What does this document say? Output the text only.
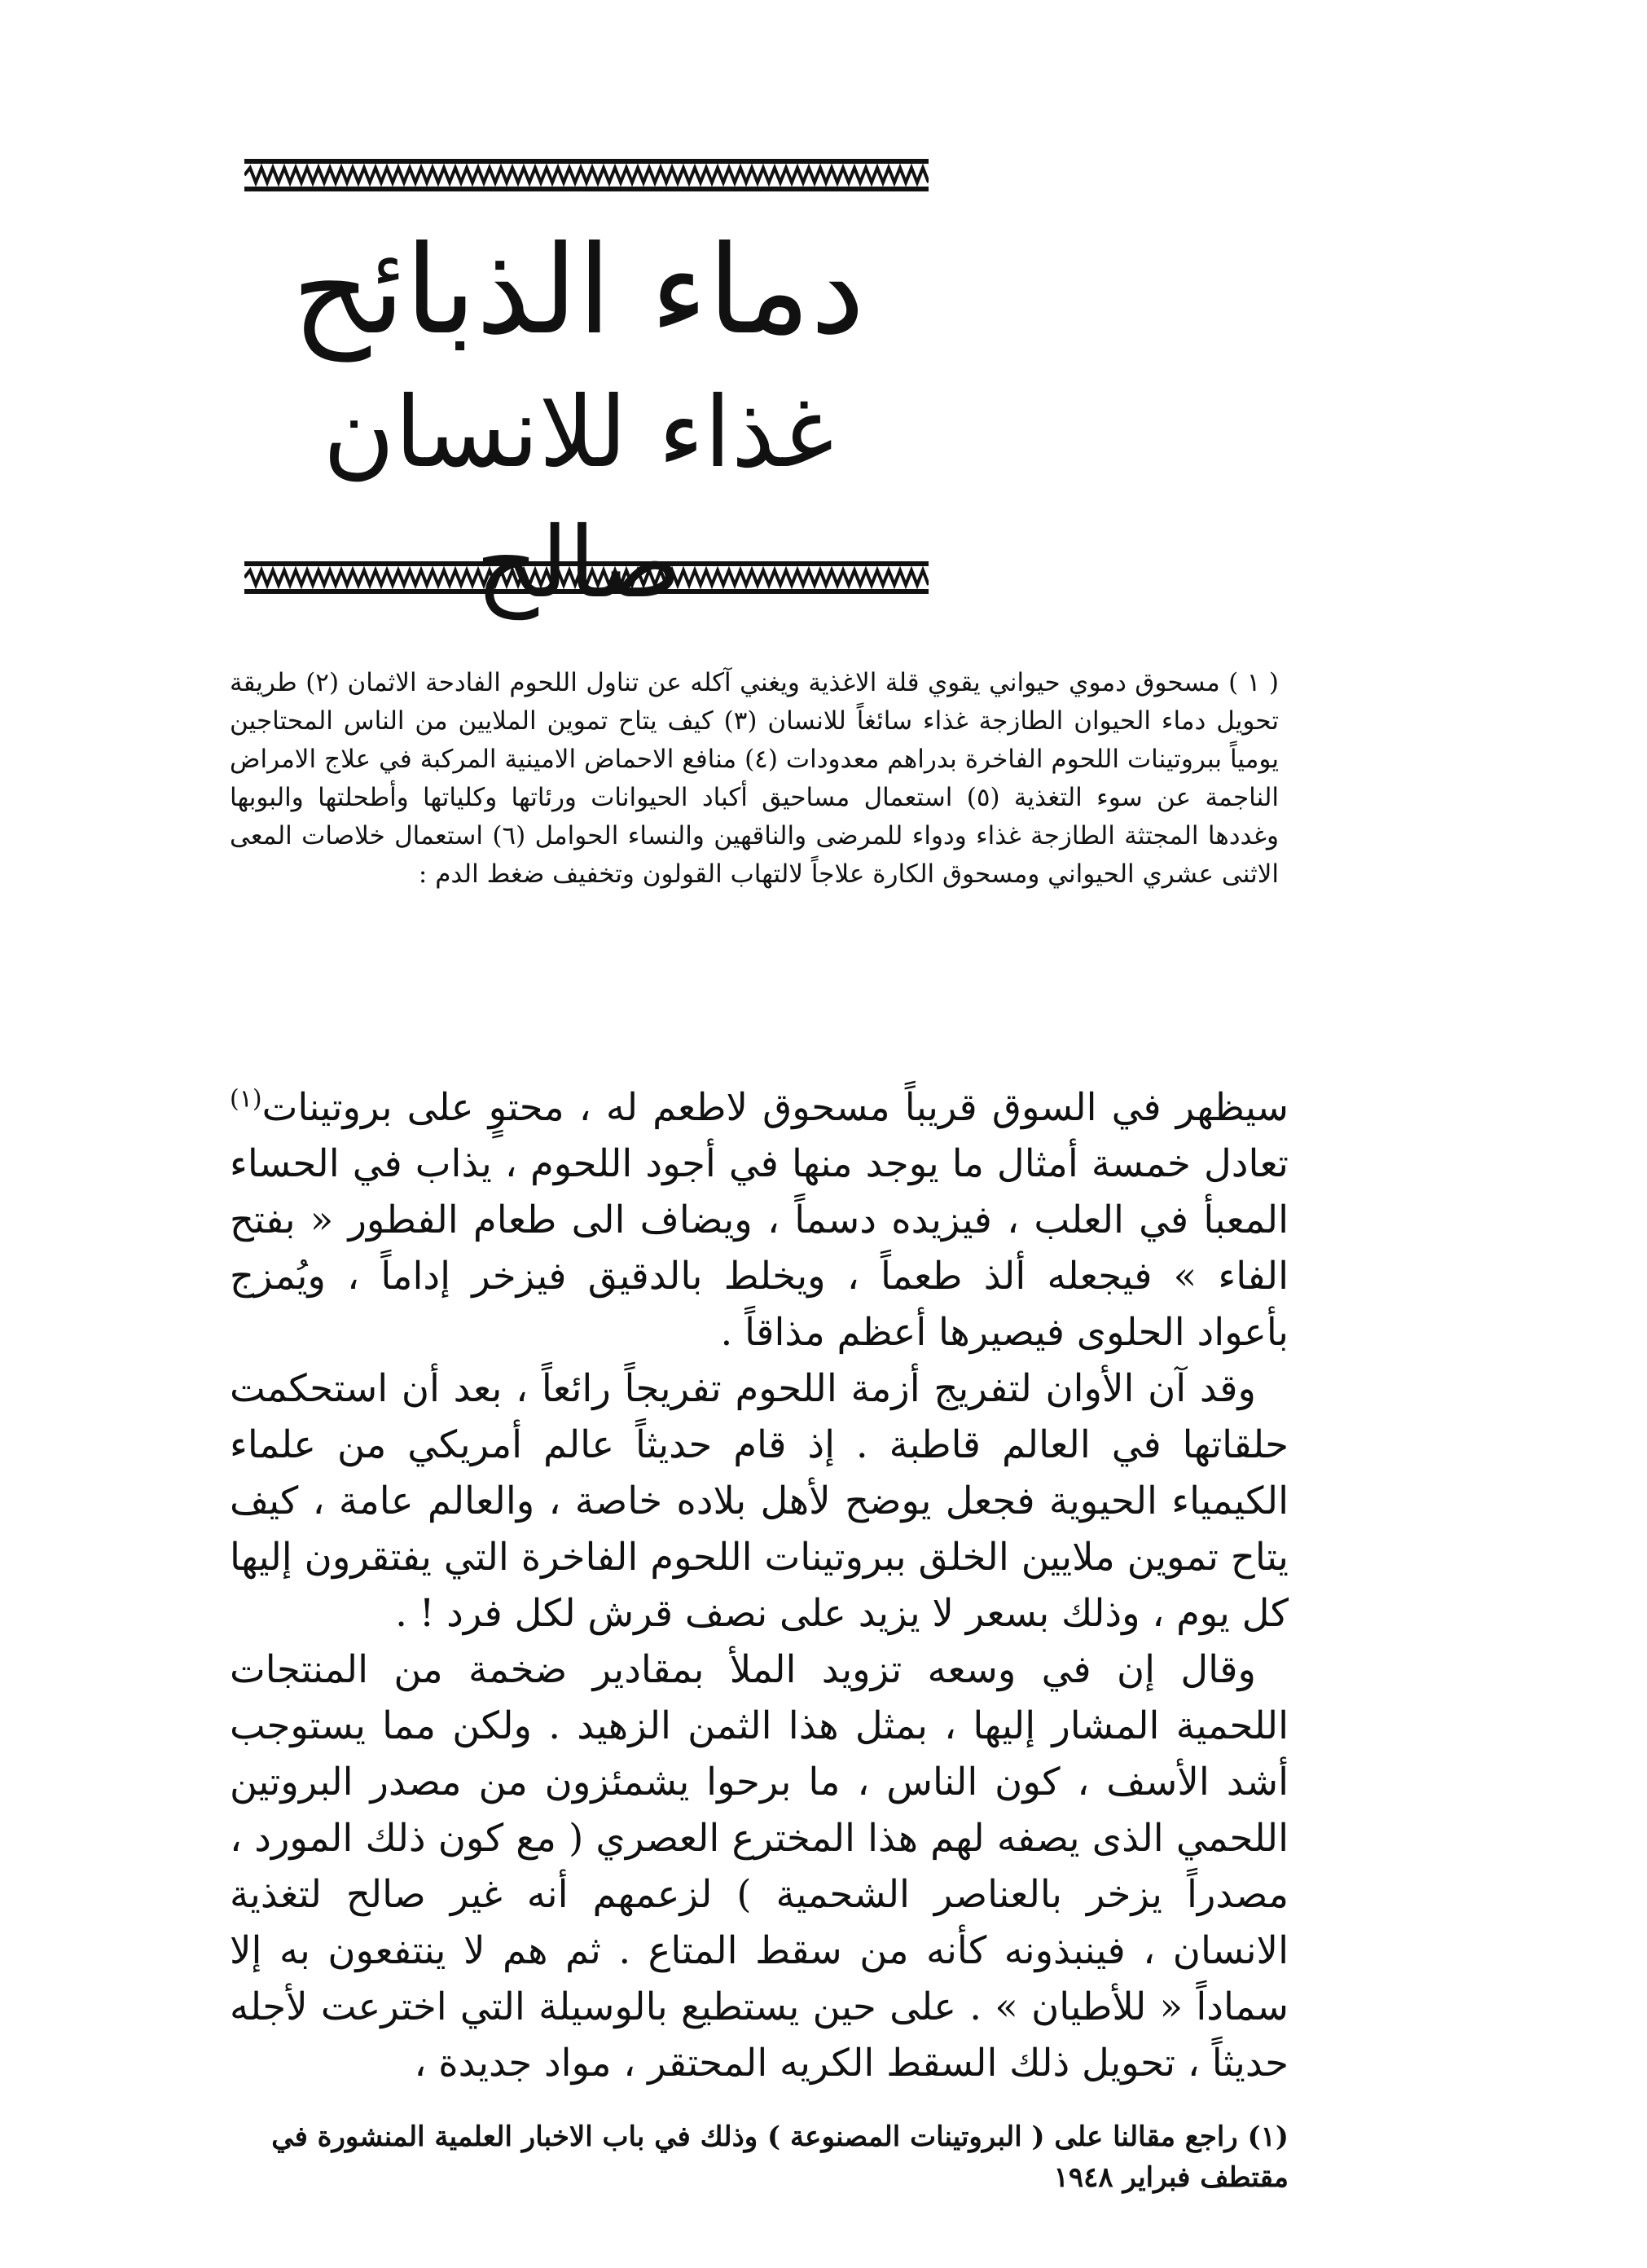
دماء الذبائح
غذاء للانسان صالح

( ١ ) مسحوق دموي حيواني يقوي قلة الاغذية ويغني آكله عن تناول اللحوم الفادحة الاثمان (٢) طريقة تحويل دماء الحيوان الطازجة غذاء سائغاً للانسان (٣) كيف يتاح تموين الملايين من الناس المحتاجين يومياً ببروتينات اللحوم الفاخرة بدراهم معدودات (٤) منافع الاحماض الامينية المركبة في علاج الامراض الناجمة عن سوء التغذية (٥) استعمال مساحيق أكباد الحيوانات ورئاتها وكلياتها وأطحلتها والبوبها وغددها المجتثة الطازجة غذاء ودواء للمرضى والناقهين والنساء الحوامل (٦) استعمال خلاصات المعى الاثنى عشري الحيواني ومسحوق الكارة علاجاً لالتهاب القولون وتخفيف ضغط الدم :

سيظهر في السوق قريباً مسحوق لاطعم له ، محتوٍ على بروتينات$^{(١)}$ تعادل خمسة أمثال ما يوجد منها في أجود اللحوم ، يذاب في الحساء المعبأ في العلب ، فيزيده دسماً ، ويضاف الى طعام الفطور « بفتح الفاء » فيجعله ألذ طعماً ، ويخلط بالدقيق فيزخر إداماً ، ويُمزج بأعواد الحلوى فيصيرها أعظم مذاقاً .

وقد آن الأوان لتفريج أزمة اللحوم تفريجاً رائعاً ، بعد أن استحكمت حلقاتها في العالم قاطبة . إذ قام حديثاً عالم أمريكي من علماء الكيمياء الحيوية فجعل يوضح لأهل بلاده خاصة ، والعالم عامة ، كيف يتاح تموين ملايين الخلق ببروتينات اللحوم الفاخرة التي يفتقرون إليها كل يوم ، وذلك بسعر لا يزيد على نصف قرش لكل فرد ! .

وقال إن في وسعه تزويد الملأ بمقادير ضخمة من المنتجات اللحمية المشار إليها ، بمثل هذا الثمن الزهيد . ولكن مما يستوجب أشد الأسف ، كون الناس ، ما برحوا يشمئزون من مصدر البروتين اللحمي الذى يصفه لهم هذا المخترع العصري ( مع كون ذلك المورد ، مصدراً يزخر بالعناصر الشحمية ) لزعمهم أنه غير صالح لتغذية الانسان ، فينبذونه كأنه من سقط المتاع . ثم هم لا ينتفعون به إلا سماداً « للأطيان » . على حين يستطيع بالوسيلة التي اخترعت لأجله حديثاً ، تحويل ذلك السقط الكريه المحتقر ، مواد جديدة ،

(١) راجع مقالنا على ( البروتينات المصنوعة ) وذلك في باب الاخبار العلمية المنشورة في مقتطف فبراير ١٩٤٨
